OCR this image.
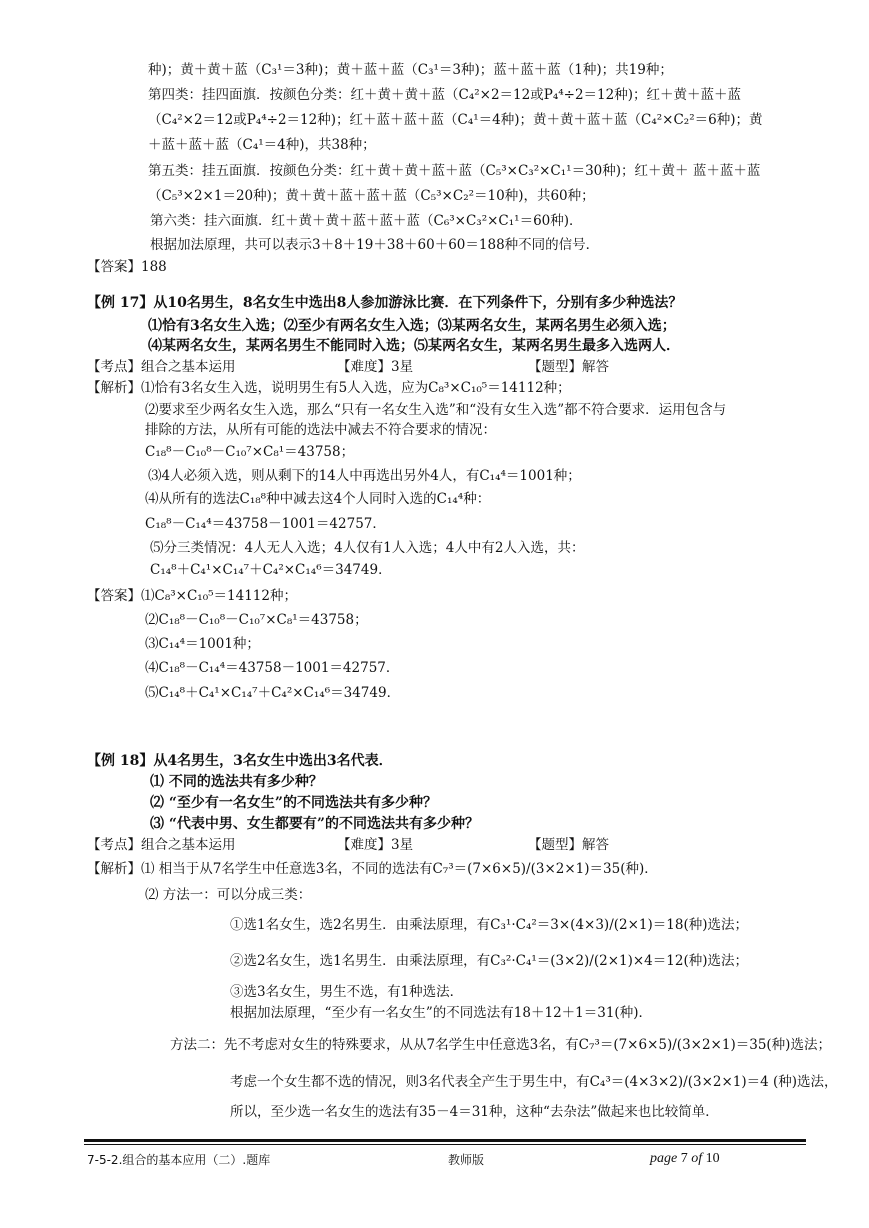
种)；黄＋黄＋蓝（C₃¹＝3种)；黄＋蓝＋蓝（C₃¹＝3种)；蓝＋蓝＋蓝（1种)；共19种；
第四类：挂四面旗．按颜色分类：红＋黄＋黄＋蓝（C₄²×2＝12或P₄⁴÷2＝12种)；红＋黄＋蓝＋蓝
（C₄²×2＝12或P₄⁴÷2＝12种)；红＋蓝＋蓝＋蓝（C₄¹＝4种)；黄＋黄＋蓝＋蓝（C₄²×C₂²＝6种)；黄
＋蓝＋蓝＋蓝（C₄¹＝4种)，共38种；
第五类：挂五面旗．按颜色分类：红＋黄＋黄＋蓝＋蓝（C₅³×C₃²×C₁¹＝30种)；红＋黄＋ 蓝＋蓝＋蓝
（C₅³×2×1＝20种)；黄＋黄＋蓝＋蓝＋蓝（C₅³×C₂²＝10种)，共60种；
第六类：挂六面旗．红＋黄＋黄＋蓝＋蓝＋蓝（C₆³×C₃²×C₁¹＝60种)．
根据加法原理，共可以表示3＋8＋19＋38＋60＋60＝188种不同的信号．
【答案】188
【例 17】从10名男生，8名女生中选出8人参加游泳比赛．在下列条件下，分别有多少种选法？
⑴恰有3名女生入选；⑵至少有两名女生入选；⑶某两名女生，某两名男生必须入选；
⑷某两名女生，某两名男生不能同时入选；⑸某两名女生，某两名男生最多入选两人．
【考点】组合之基本运用	【难度】3星	【题型】解答
【解析】⑴恰有3名女生入选，说明男生有5人入选，应为C₈³×C₁₀⁵＝14112种；
⑵要求至少两名女生入选，那么“只有一名女生入选”和“没有女生入选”都不符合要求．运用包含与
排除的方法，从所有可能的选法中减去不符合要求的情况：
C₁₈⁸－C₁₀⁸－C₁₀⁷×C₈¹＝43758；
⑶4人必须入选，则从剩下的14人中再选出另外4人，有C₁₄⁴＝1001种；
⑷从所有的选法C₁₈⁸种中减去这4个人同时入选的C₁₄⁴种：
C₁₈⁸－C₁₄⁴＝43758－1001＝42757．
⑸分三类情况：4人无人入选；4人仅有1人入选；4人中有2人入选，共：
C₁₄⁸＋C₄¹×C₁₄⁷＋C₄²×C₁₄⁶＝34749．
【答案】⑴C₈³×C₁₀⁵＝14112种；
⑵C₁₈⁸－C₁₀⁸－C₁₀⁷×C₈¹＝43758；
⑶C₁₄⁴＝1001种；
⑷C₁₈⁸－C₁₄⁴＝43758－1001＝42757．
⑸C₁₄⁸＋C₄¹×C₁₄⁷＋C₄²×C₁₄⁶＝34749．
【例 18】从4名男生，3名女生中选出3名代表．
⑴ 不同的选法共有多少种？
⑵ “至少有一名女生”的不同选法共有多少种？
⑶ “代表中男、女生都要有”的不同选法共有多少种？
【考点】组合之基本运用	【难度】3星	【题型】解答
【解析】⑴ 相当于从7名学生中任意选3名，不同的选法有C₇³＝(7×6×5)/(3×2×1)＝35(种)．
⑵ 方法一：可以分成三类：
①选1名女生，选2名男生．由乘法原理，有C₃¹·C₄²＝3×(4×3)/(2×1)＝18(种)选法；
②选2名女生，选1名男生．由乘法原理，有C₃²·C₄¹＝(3×2)/(2×1)×4＝12(种)选法；
③选3名女生，男生不选，有1种选法．
根据加法原理，“至少有一名女生”的不同选法有18＋12＋1＝31(种)．
方法二：先不考虑对女生的特殊要求，从从7名学生中任意选3名，有C₇³＝(7×6×5)/(3×2×1)＝35(种)选法；
考虑一个女生都不选的情况，则3名代表全产生于男生中，有C₄³＝(4×3×2)/(3×2×1)＝4 (种)选法，
所以，至少选一名女生的选法有35－4＝31种，这种“去杂法”做起来也比较简单．
7-5-2.组合的基本应用（二）.题库	教师版	page 7 of 10
